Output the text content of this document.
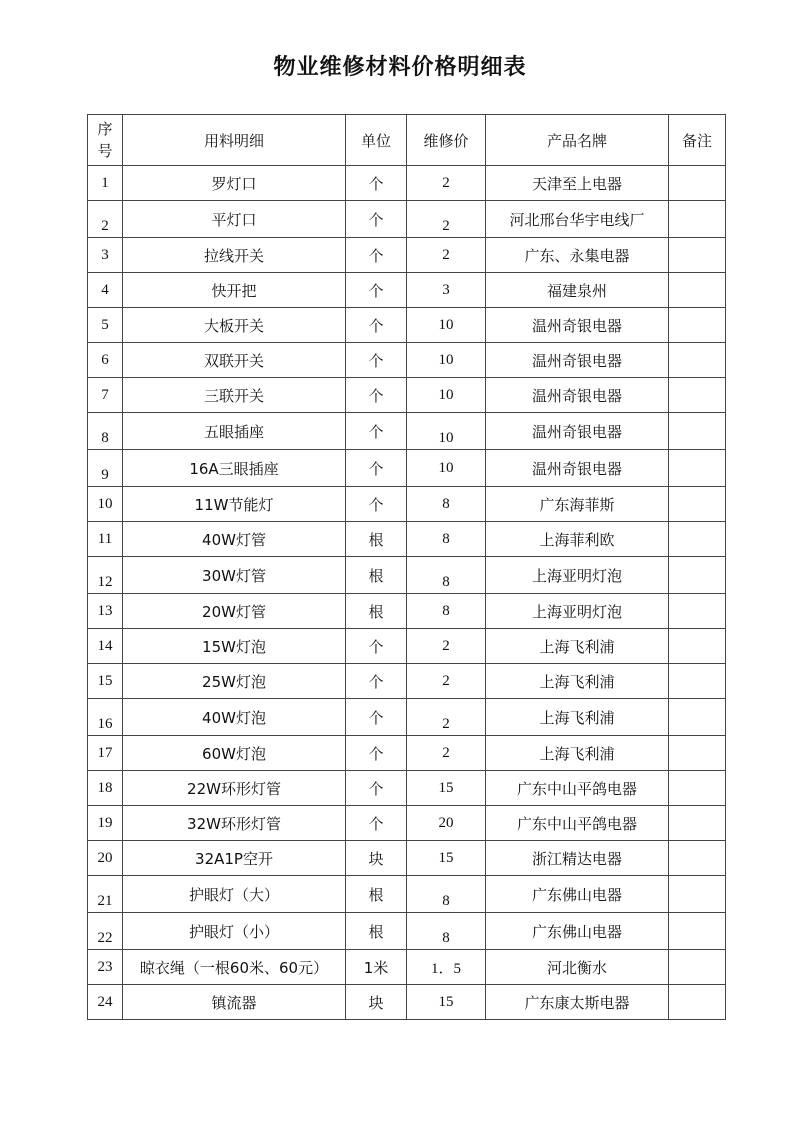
物业维修材料价格明细表
序
号	用料明细	单位	维修价	产品名牌	备注
1	罗灯口	个	2	天津至上电器	
2	平灯口	个	2	河北邢台华宇电线厂	
3	拉线开关	个	2	广东、永集电器	
4	快开把	个	3	福建泉州	
5	大板开关	个	10	温州奇银电器	
6	双联开关	个	10	温州奇银电器	
7	三联开关	个	10	温州奇银电器	
8	五眼插座	个	10	温州奇银电器	
9	16A三眼插座	个	10	温州奇银电器	
10	11W节能灯	个	8	广东海菲斯	
11	40W灯管	根	8	上海菲利欧	
12	30W灯管	根	8	上海亚明灯泡	
13	20W灯管	根	8	上海亚明灯泡	
14	15W灯泡	个	2	上海飞利浦	
15	25W灯泡	个	2	上海飞利浦	
16	40W灯泡	个	2	上海飞利浦	
17	60W灯泡	个	2	上海飞利浦	
18	22W环形灯管	个	15	广东中山平鸽电器	
19	32W环形灯管	个	20	广东中山平鸽电器	
20	32A1P空开	块	15	浙江精达电器	
21	护眼灯（大）	根	8	广东佛山电器	
22	护眼灯（小）	根	8	广东佛山电器	
23	晾衣绳（一根60米、60元）	1米	1．5	河北衡水	
24	镇流器	块	15	广东康太斯电器	
